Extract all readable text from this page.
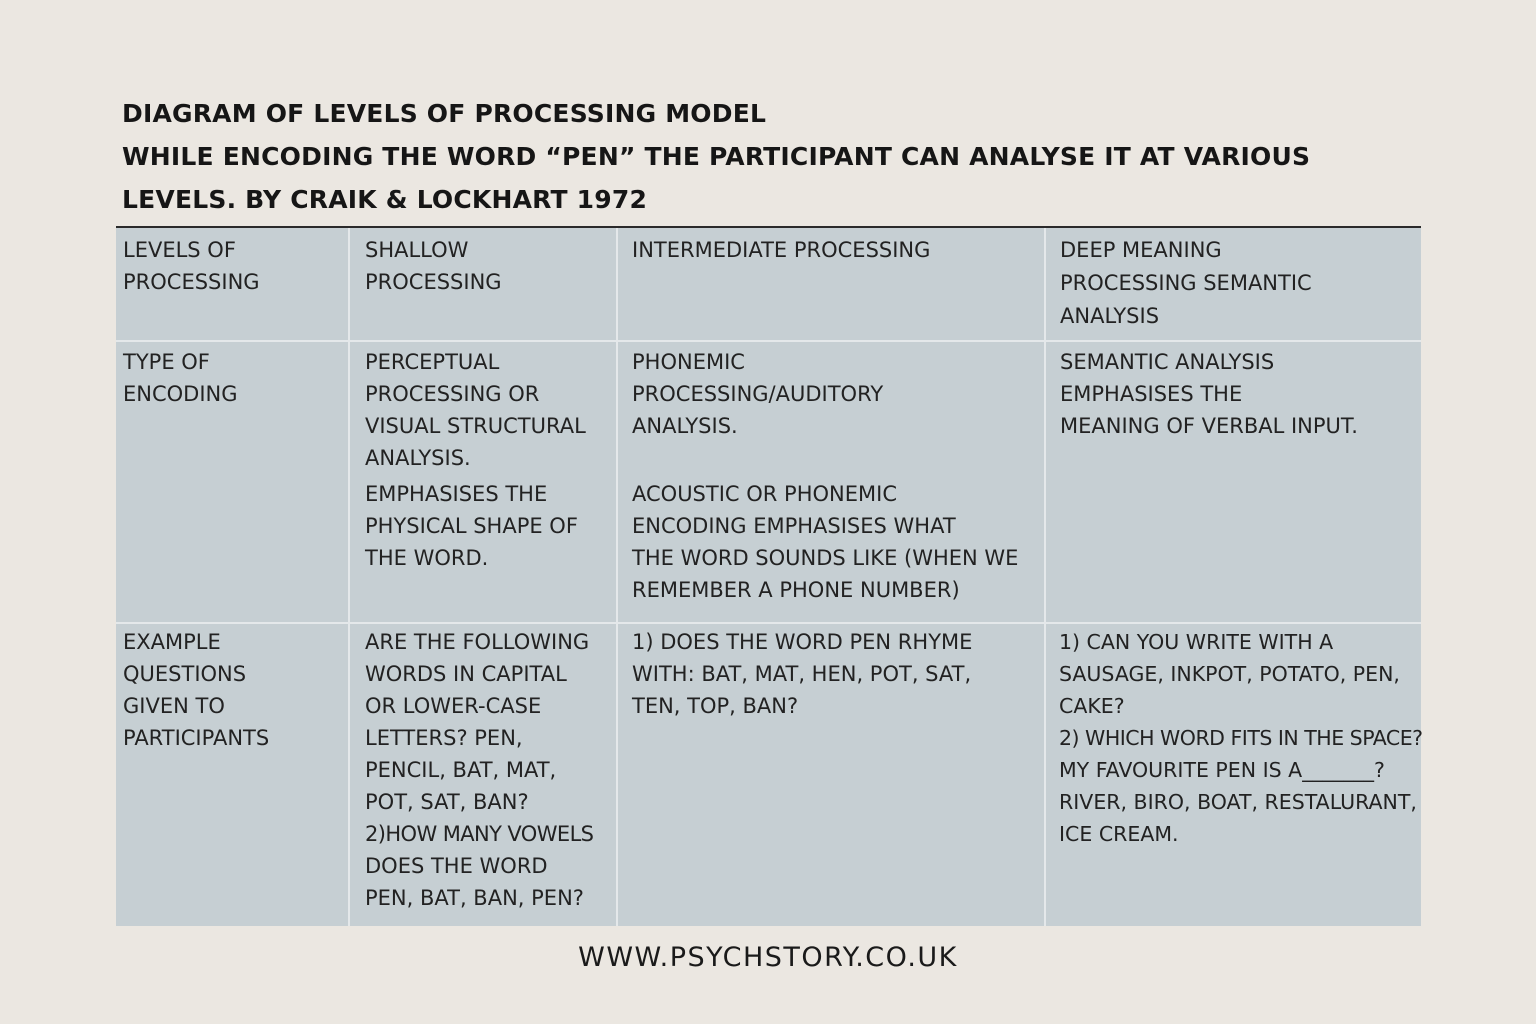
DIAGRAM OF LEVELS OF PROCESSING MODEL
WHILE ENCODING THE WORD “PEN” THE PARTICIPANT CAN ANALYSE IT AT VARIOUS
LEVELS. BY CRAIK & LOCKHART 1972
LEVELS OF
PROCESSING
SHALLOW
PROCESSING
INTERMEDIATE PROCESSING	DEEP MEANING
PROCESSING SEMANTIC
ANALYSIS
TYPE OF
ENCODING
PERCEPTUAL
PROCESSING OR
VISUAL STRUCTURAL
ANALYSIS.
EMPHASISES THE
PHYSICAL SHAPE OF
THE WORD.
PHONEMIC
PROCESSING/AUDITORY
ANALYSIS.
ACOUSTIC OR PHONEMIC
ENCODING EMPHASISES WHAT
THE WORD SOUNDS LIKE (WHEN WE
REMEMBER A PHONE NUMBER)
SEMANTIC ANALYSIS
EMPHASISES THE
MEANING OF VERBAL INPUT.
EXAMPLE
QUESTIONS
GIVEN TO
PARTICIPANTS
ARE THE FOLLOWING
WORDS IN CAPITAL
OR LOWER-CASE
LETTERS? PEN,
PENCIL, BAT, MAT,
POT, SAT, BAN?
2)HOW MANY VOWELS
DOES THE WORD
PEN, BAT, BAN, PEN?
1) DOES THE WORD PEN RHYME
WITH: BAT, MAT, HEN, POT, SAT,
TEN, TOP, BAN?
1) CAN YOU WRITE WITH A
SAUSAGE, INKPOT, POTATO, PEN,
CAKE?
2) WHICH WORD FITS IN THE SPACE?
MY FAVOURITE PEN IS A_______?
RIVER, BIRO, BOAT, RESTALURANT,
ICE CREAM.
WWW.PSYCHSTORY.CO.UK
